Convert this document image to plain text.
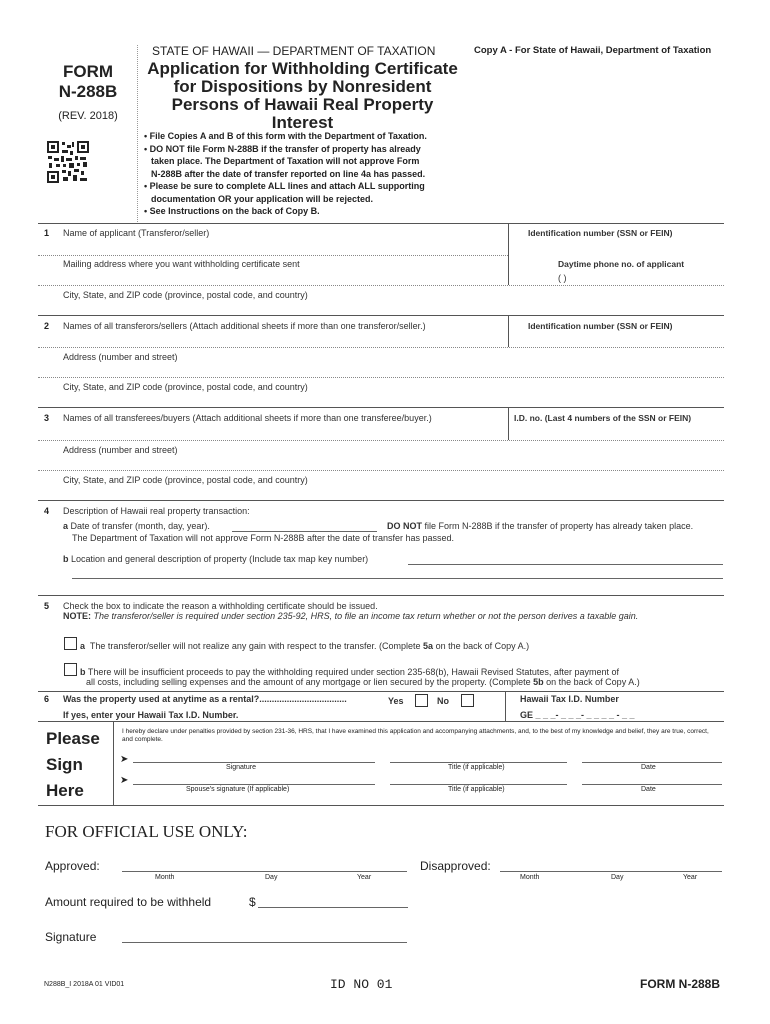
FORM
N-288B
(REV. 2018)
STATE OF HAWAII — DEPARTMENT OF TAXATION	Copy A - For State of Hawaii, Department of Taxation
Application for Withholding Certificate
for Dispositions by Nonresident
Persons of Hawaii Real Property
Interest
• File Copies A and B of this form with the Department of Taxation.
• DO NOT file Form N-288B if the transfer of property has already
taken place. The Department of Taxation will not approve Form
N-288B after the date of transfer reported on line 4a has passed.
• Please be sure to complete ALL lines and attach ALL supporting
documentation OR your application will be rejected.
• See Instructions on the back of Copy B.
1 Name of applicant (Transferor/seller)	Identification number (SSN or FEIN)
Mailing address where you want withholding certificate sent	Daytime phone no. of applicant
( )
City, State, and ZIP code (province, postal code, and country)
2 Names of all transferors/sellers (Attach additional sheets if more than one transferor/seller.)	Identification number (SSN or FEIN)
Address (number and street)
City, State, and ZIP code (province, postal code, and country)
3 Names of all transferees/buyers (Attach additional sheets if more than one transferee/buyer.)	I.D. no. (Last 4 numbers of the SSN or FEIN)
Address (number and street)
City, State, and ZIP code (province, postal code, and country)
4 Description of Hawaii real property transaction:
a Date of transfer (month, day, year).	DO NOT file Form N-288B if the transfer of property has already taken place.
The Department of Taxation will not approve Form N-288B after the date of transfer has passed.
b Location and general description of property (Include tax map key number)
5 Check the box to indicate the reason a withholding certificate should be issued.
NOTE: The transferor/seller is required under section 235-92, HRS, to file an income tax return whether or not the person derives a taxable gain.
a The transferor/seller will not realize any gain with respect to the transfer. (Complete 5a on the back of Copy A.)
b There will be insufficient proceeds to pay the withholding required under section 235-68(b), Hawaii Revised Statutes, after payment of
all costs, including selling expenses and the amount of any mortgage or lien secured by the property. (Complete 5b on the back of Copy A.)
6 Was the property used at anytime as a rental?...................................	Yes	No
If yes, enter your Hawaii Tax I.D. Number.
Hawaii Tax I.D. Number
GE _ _ _- _ _ _- _ _ _ _ - _ _
Please
Sign
Here
I hereby declare under penalties provided by section 231-36, HRS, that I have examined this application and accompanying attachments, and, to the best of my knowledge and belief, they are true, correct, and complete.
➤
Signature	Title (if applicable)	Date
➤
Spouse's signature (If applicable)	Title (if applicable)	Date
FOR OFFICIAL USE ONLY:
Approved:
Month	Day	Year
Disapproved:
Month	Day	Year
Amount required to be withheld	$
Signature
N288B_I 2018A 01 VID01	ID NO 01	FORM N-288B
